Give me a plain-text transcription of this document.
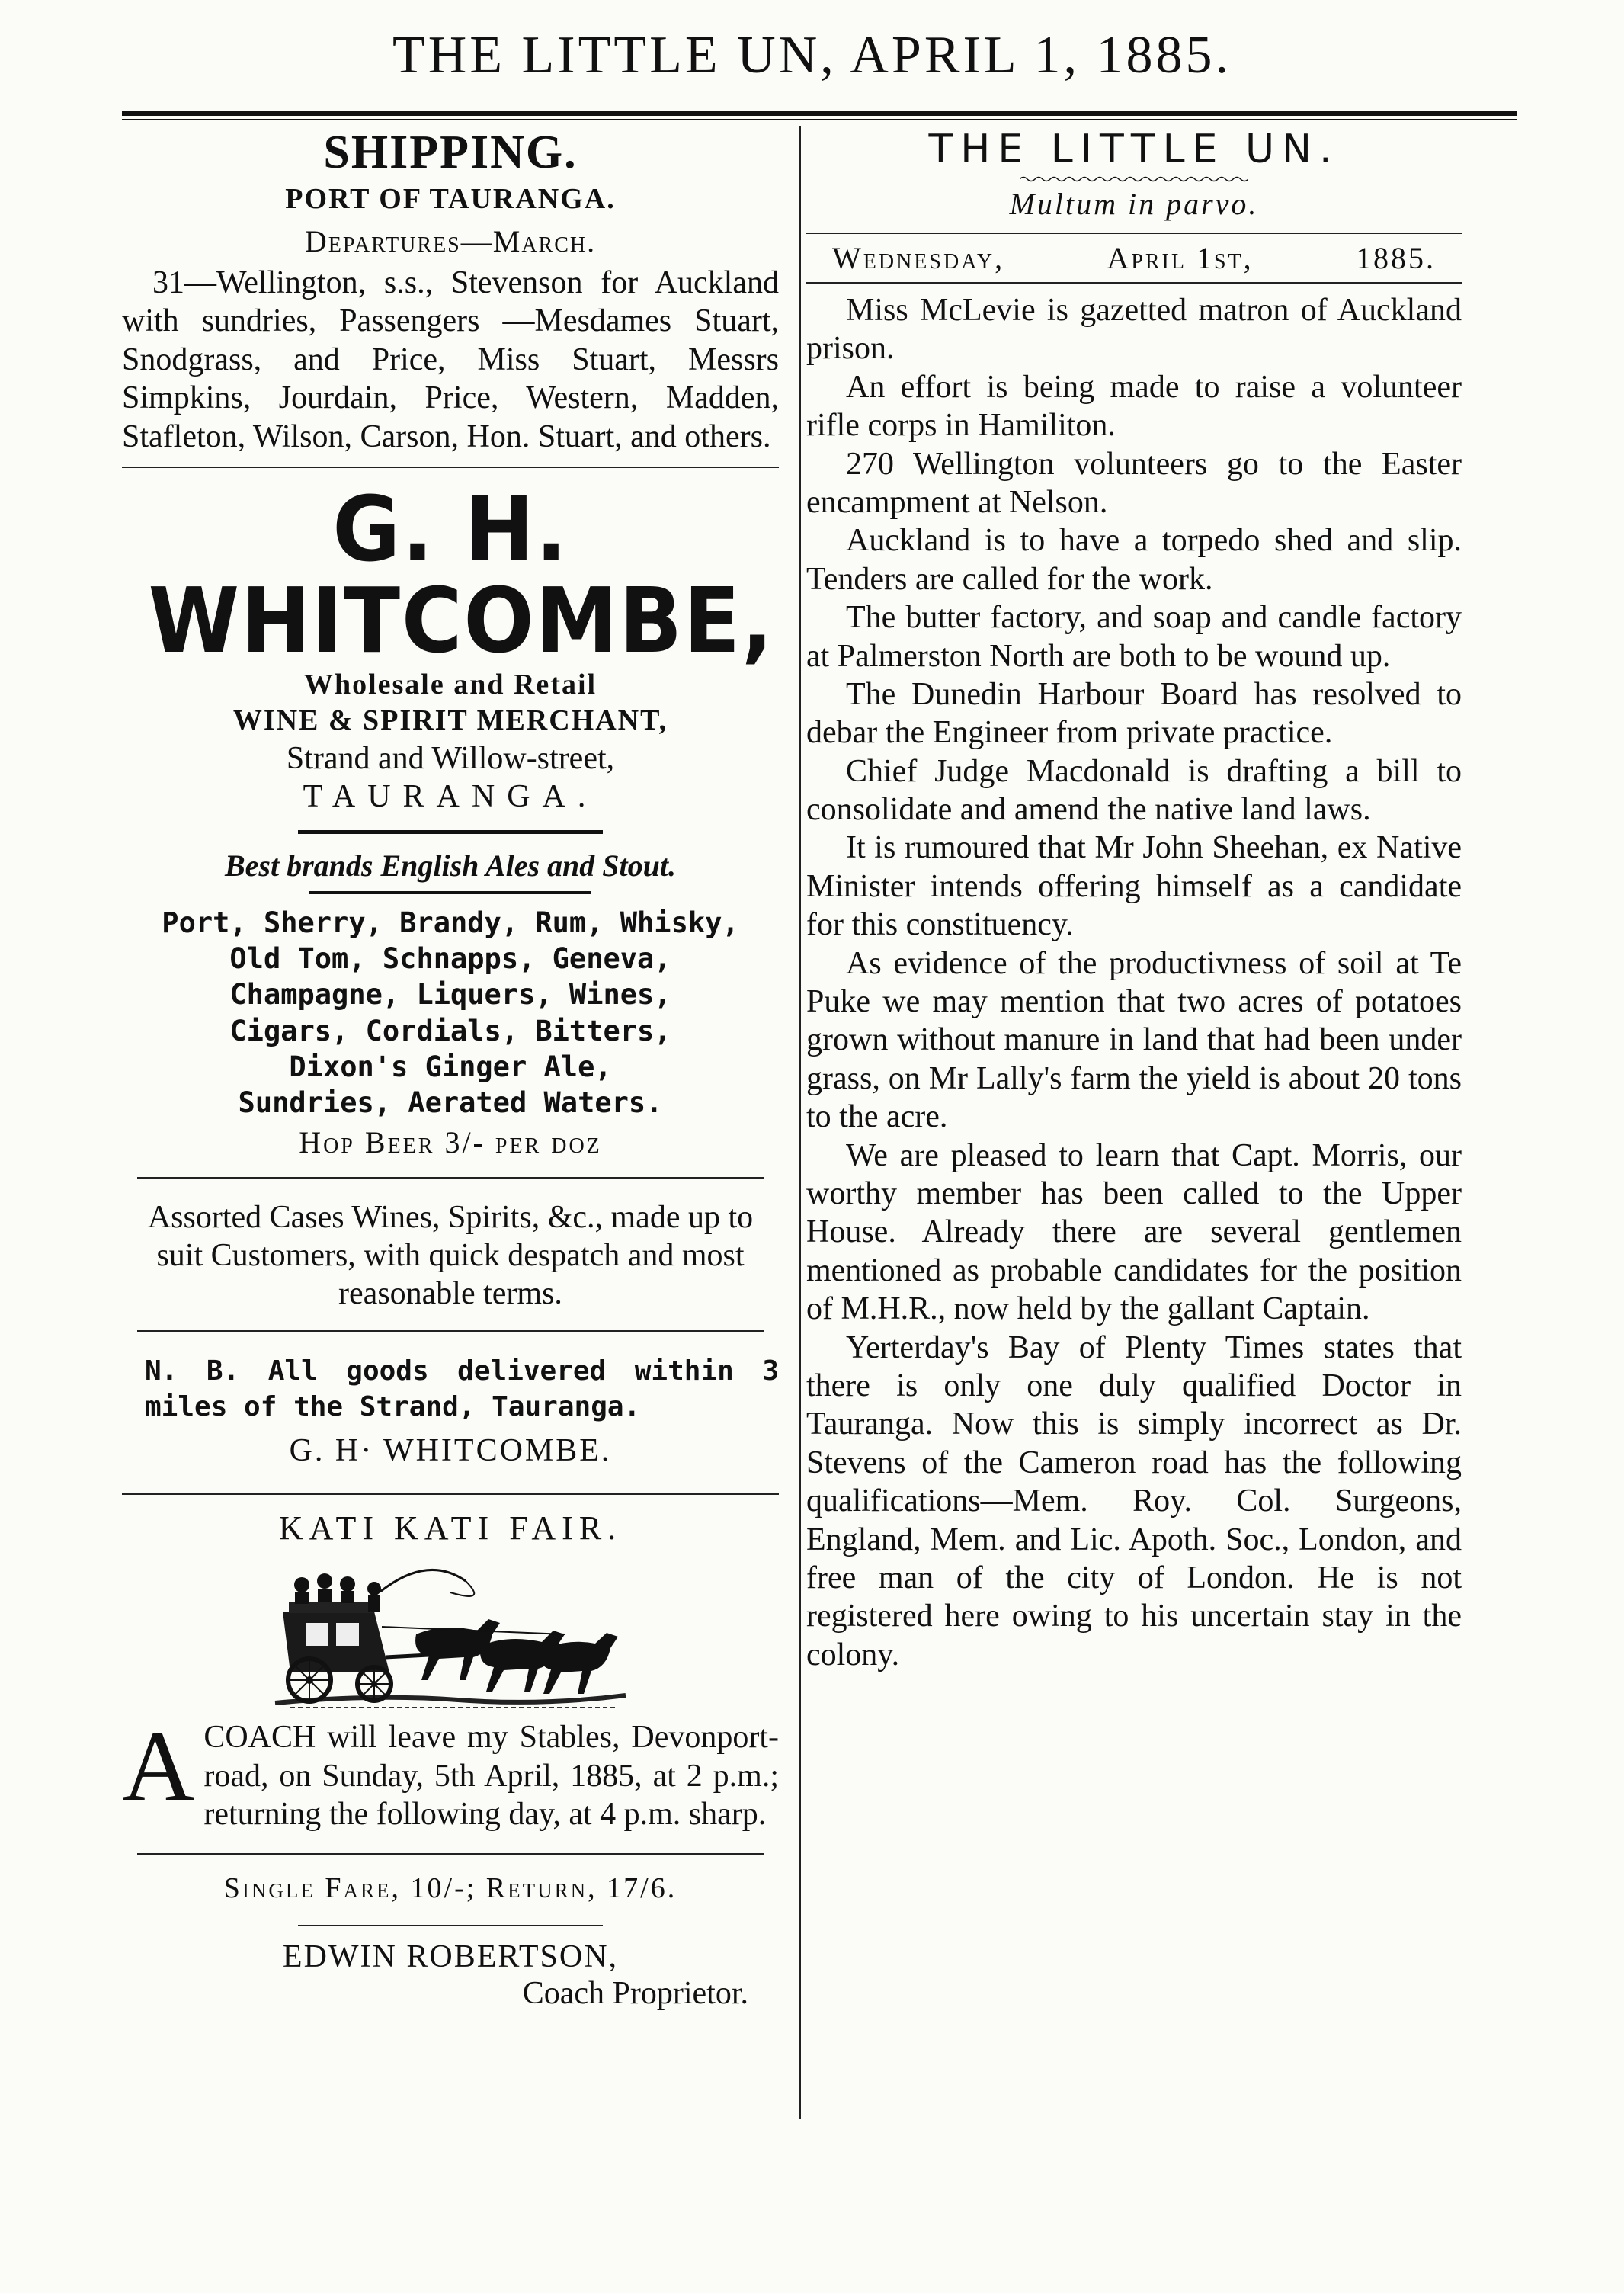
THE LITTLE UN, APRIL 1, 1885.
SHIPPING.
PORT OF TAURANGA.
Departures—March.
31—Wellington, s.s., Stevenson for Auckland with sundries, Passengers —Mesdames Stuart, Snodgrass, and Price, Miss Stuart, Messrs Simpkins, Jourdain, Price, Western, Madden, Stafleton, Wilson, Carson, Hon. Stuart, and others.
G. H. WHITCOMBE,
Wholesale and Retail
WINE & SPIRIT MERCHANT,
Strand and Willow-street,
TAURANGA.
Best brands English Ales and Stout.
Port, Sherry, Brandy, Rum, Whisky,
Old Tom, Schnapps, Geneva,
Champagne, Liquers, Wines,
Cigars, Cordials, Bitters,
Dixon's Ginger Ale,
Sundries, Aerated Waters.
Hop Beer 3/- per doz
Assorted Cases Wines, Spirits, &c., made up to suit Customers, with quick despatch and most reasonable terms.
N. B. All goods delivered within 3 miles of the Strand, Tauranga.
G. H· WHITCOMBE.
KATI KATI FAIR.
A COACH will leave my Stables, Devonport-road, on Sunday, 5th April, 1885, at 2 p.m.; returning the following day, at 4 p.m. sharp.
Single Fare, 10/-; Return, 17/6.
EDWIN ROBERTSON,
Coach Proprietor.
THE LITTLE UN.
Multum in parvo.
Wednesday,	April 1st,	1885.

Miss McLevie is gazetted matron of Auckland prison.

An effort is being made to raise a volunteer rifle corps in Hamiliton.

270 Wellington volunteers go to the Easter encampment at Nelson.

Auckland is to have a torpedo shed and slip. Tenders are called for the work.

The butter factory, and soap and candle factory at Palmerston North are both to be wound up.

The Dunedin Harbour Board has resolved to debar the Engineer from private practice.

Chief Judge Macdonald is drafting a bill to consolidate and amend the native land laws.

It is rumoured that Mr John Sheehan, ex Native Minister intends offering himself as a candidate for this constituency.

As evidence of the productivness of soil at Te Puke we may mention that two acres of potatoes grown without manure in land that had been under grass, on Mr Lally's farm the yield is about 20 tons to the acre.

We are pleased to learn that Capt. Morris, our worthy member has been called to the Upper House. Already there are several gentlemen mentioned as probable candidates for the position of M.H.R., now held by the gallant Captain.

Yerterday's Bay of Plenty Times states that there is only one duly qualified Doctor in Tauranga. Now this is simply incorrect as Dr. Stevens of the Cameron road has the following qualifications—Mem. Roy. Col. Surgeons, England, Mem. and Lic. Apoth. Soc., London, and free man of the city of London. He is not registered here owing to his uncertain stay in the colony.
